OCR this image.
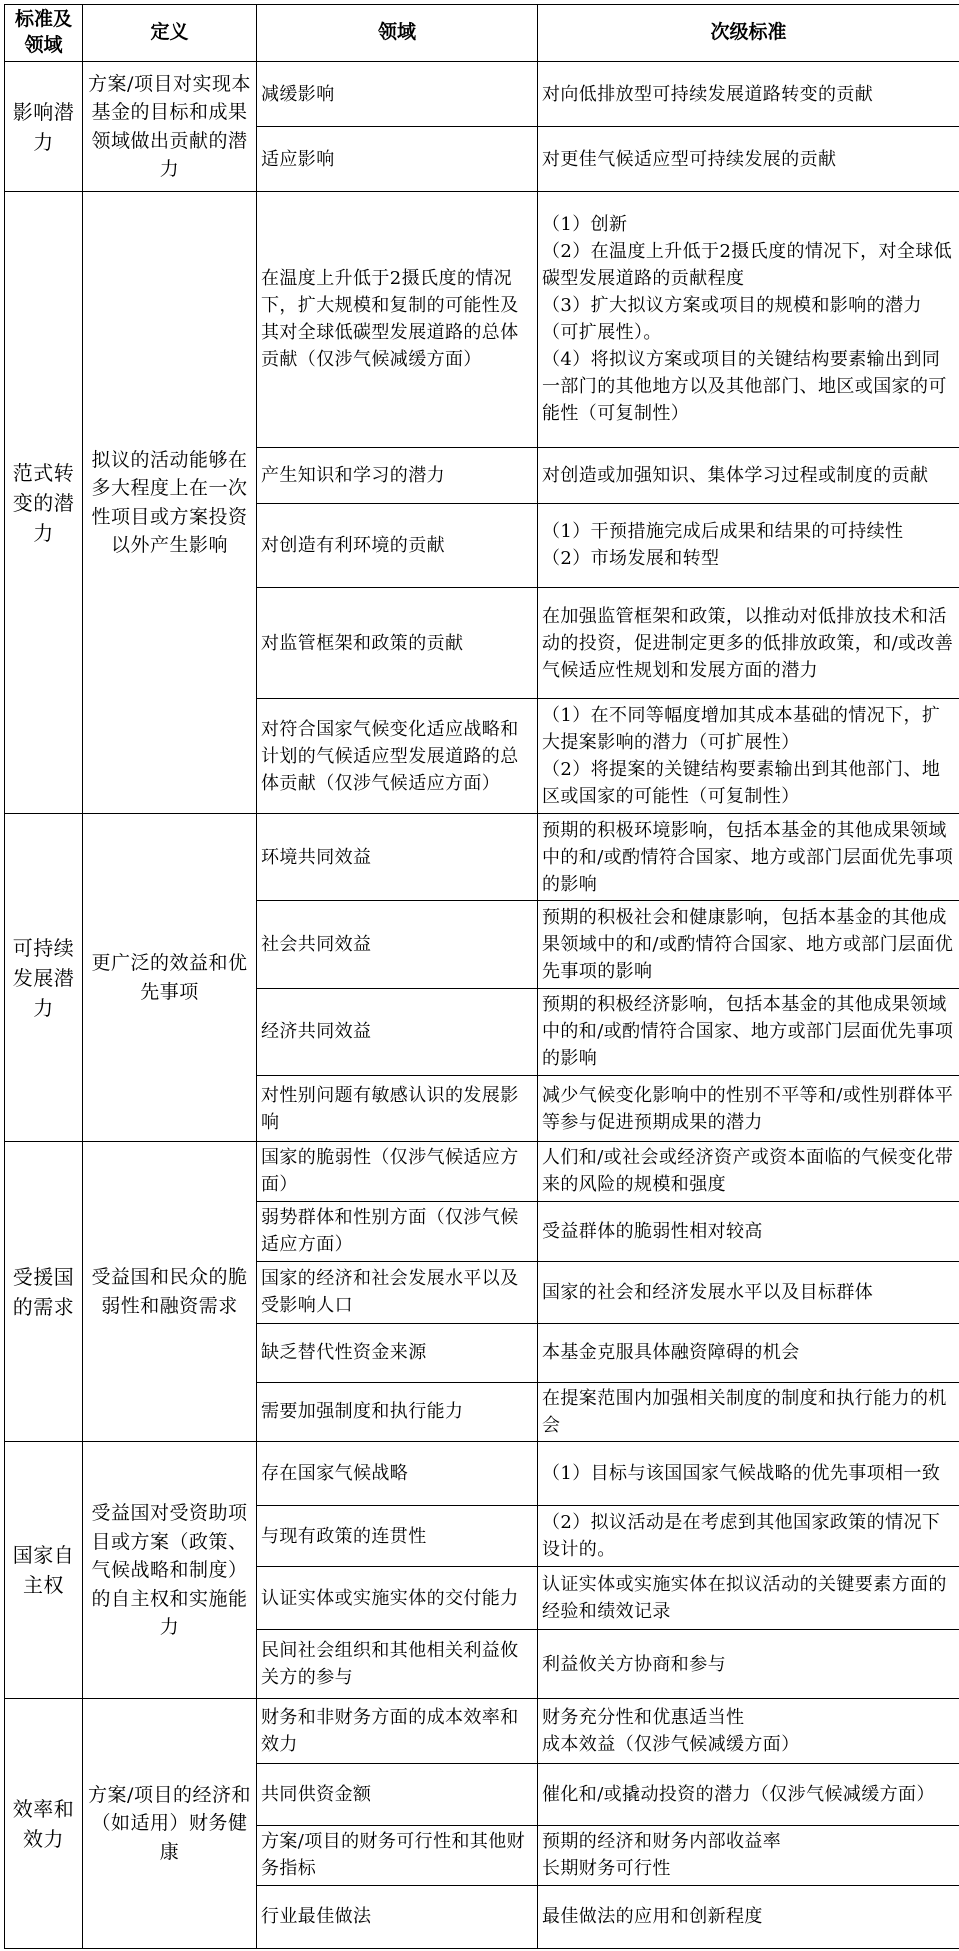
标准及领域	定义	领域	次级标准
影响潜力	方案/项目对实现本基金的目标和成果领域做出贡献的潜力	减缓影响	对向低排放型可持续发展道路转变的贡献

		适应影响	对更佳气候适应型可持续发展的贡献

范式转变的潜力	拟议的活动能够在多大程度上在一次性项目或方案投资以外产生影响	在温度上升低于2摄氏度的情况下，扩大规模和复制的可能性及其对全球低碳型发展道路的总体贡献（仅涉气候减缓方面）	（1）创新
（2）在温度上升低于2摄氏度的情况下，对全球低碳型发展道路的贡献程度
（3）扩大拟议方案或项目的规模和影响的潜力（可扩展性）。
（4）将拟议方案或项目的关键结构要素输出到同一部门的其他地方以及其他部门、地区或国家的可能性（可复制性）

		产生知识和学习的潜力	对创造或加强知识、集体学习过程或制度的贡献

		对创造有利环境的贡献	（1）干预措施完成后成果和结果的可持续性
（2）市场发展和转型

		对监管框架和政策的贡献	在加强监管框架和政策，以推动对低排放技术和活动的投资，促进制定更多的低排放政策，和/或改善气候适应性规划和发展方面的潜力

		对符合国家气候变化适应战略和计划的气候适应型发展道路的总体贡献（仅涉气候适应方面）	（1）在不同等幅度增加其成本基础的情况下，扩大提案影响的潜力（可扩展性）
（2）将提案的关键结构要素输出到其他部门、地区或国家的可能性（可复制性）

可持续发展潜力	更广泛的效益和优先事项	环境共同效益	预期的积极环境影响，包括本基金的其他成果领域中的和/或酌情符合国家、地方或部门层面优先事项的影响

		社会共同效益	预期的积极社会和健康影响，包括本基金的其他成果领域中的和/或酌情符合国家、地方或部门层面优先事项的影响

		经济共同效益	预期的积极经济影响，包括本基金的其他成果领域中的和/或酌情符合国家、地方或部门层面优先事项的影响

		对性别问题有敏感认识的发展影响	减少气候变化影响中的性别不平等和/或性别群体平等参与促进预期成果的潜力

受援国的需求	受益国和民众的脆弱性和融资需求	国家的脆弱性（仅涉气候适应方面）	人们和/或社会或经济资产或资本面临的气候变化带来的风险的规模和强度

		弱势群体和性别方面（仅涉气候适应方面）	受益群体的脆弱性相对较高

		国家的经济和社会发展水平以及受影响人口	国家的社会和经济发展水平以及目标群体

		缺乏替代性资金来源	本基金克服具体融资障碍的机会

		需要加强制度和执行能力	在提案范围内加强相关制度的制度和执行能力的机会

国家自主权	受益国对受资助项目或方案（政策、气候战略和制度）的自主权和实施能力	存在国家气候战略	（1）目标与该国国家气候战略的优先事项相一致

		与现有政策的连贯性	（2）拟议活动是在考虑到其他国家政策的情况下设计的。

		认证实体或实施实体的交付能力	认证实体或实施实体在拟议活动的关键要素方面的经验和绩效记录

		民间社会组织和其他相关利益攸关方的参与	利益攸关方协商和参与

效率和效力	方案/项目的经济和（如适用）财务健康	财务和非财务方面的成本效率和效力	财务充分性和优惠适当性
成本效益（仅涉气候减缓方面）

		共同供资金额	催化和/或撬动投资的潜力（仅涉气候减缓方面）

		方案/项目的财务可行性和其他财务指标	预期的经济和财务内部收益率
长期财务可行性

		行业最佳做法	最佳做法的应用和创新程度
